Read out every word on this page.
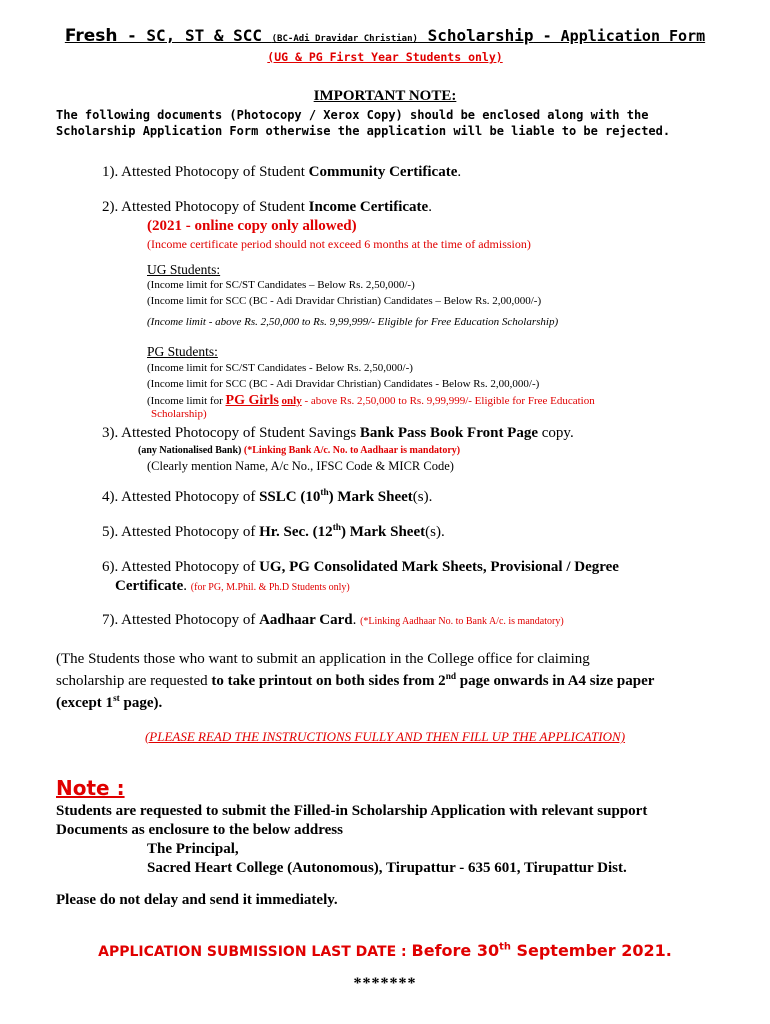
Fresh - SC, ST & SCC (BC-Adi Dravidar Christian) Scholarship - Application Form
(UG & PG First Year Students only)
IMPORTANT NOTE:
The following documents (Photocopy / Xerox Copy) should be enclosed along with the
Scholarship Application Form otherwise the application will be liable to be rejected.
1). Attested Photocopy of Student Community Certificate.
2). Attested Photocopy of Student Income Certificate.
(2021 - online copy only allowed)
(Income certificate period should not exceed 6 months at the time of admission)
UG Students:
(Income limit for SC/ST Candidates – Below Rs. 2,50,000/-)
(Income limit for SCC (BC - Adi Dravidar Christian) Candidates – Below Rs. 2,00,000/-)
(Income limit - above Rs. 2,50,000 to Rs. 9,99,999/- Eligible for Free Education Scholarship)
PG Students:
(Income limit for SC/ST Candidates - Below Rs. 2,50,000/-)
(Income limit for SCC (BC - Adi Dravidar Christian) Candidates - Below Rs. 2,00,000/-)
(Income limit for PG Girls only - above Rs. 2,50,000 to Rs. 9,99,999/- Eligible for Free Education
Scholarship)
3). Attested Photocopy of Student Savings Bank Pass Book Front Page copy.
(any Nationalised Bank) (*Linking Bank A/c. No. to Aadhaar is mandatory)
(Clearly mention Name, A/c No., IFSC Code & MICR Code)
4). Attested Photocopy of SSLC (10th) Mark Sheet(s).
5). Attested Photocopy of Hr. Sec. (12th) Mark Sheet(s).
6). Attested Photocopy of UG, PG Consolidated Mark Sheets, Provisional / Degree
Certificate. (for PG, M.Phil. & Ph.D Students only)
7). Attested Photocopy of Aadhaar Card. (*Linking Aadhaar No. to Bank A/c. is mandatory)
(The Students those who want to submit an application in the College office for claiming
scholarship are requested to take printout on both sides from 2nd page onwards in A4 size paper
(except 1st page).
(PLEASE READ THE INSTRUCTIONS FULLY AND THEN FILL UP THE APPLICATION)
Note :
Students are requested to submit the Filled-in Scholarship Application with relevant support
Documents as enclosure to the below address
The Principal,
Sacred Heart College (Autonomous), Tirupattur - 635 601, Tirupattur Dist.
Please do not delay and send it immediately.
APPLICATION SUBMISSION LAST DATE : Before 30th September 2021.
*******
